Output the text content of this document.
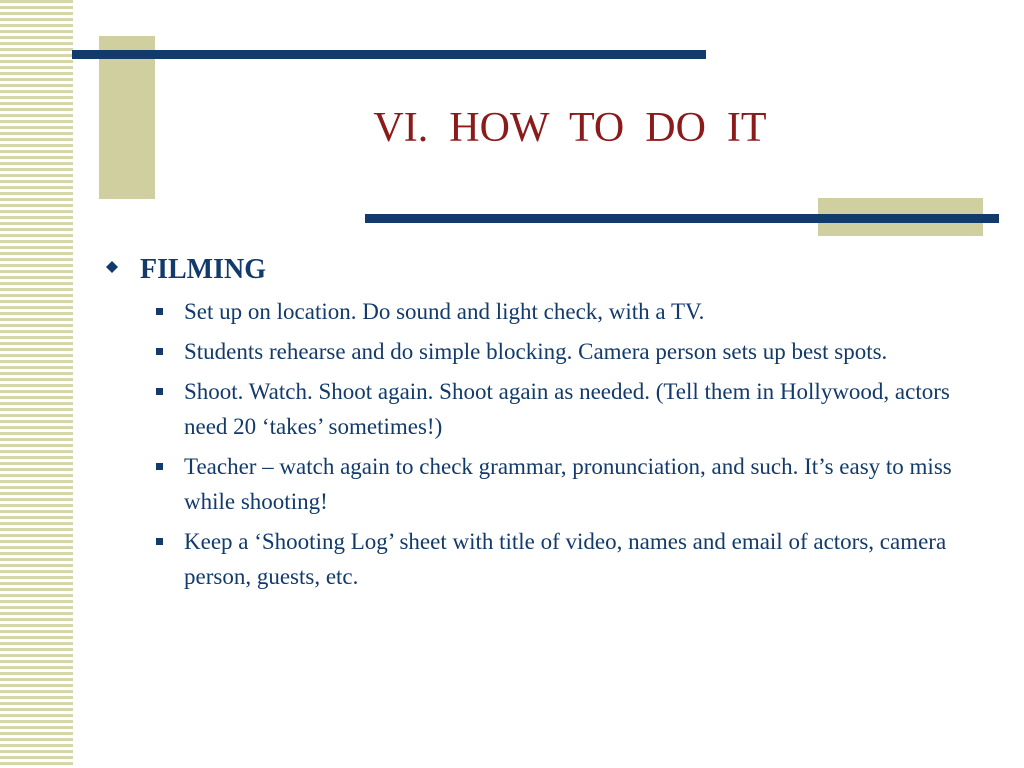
VI.  HOW  TO  DO  IT
FILMING
Set up on location. Do sound and light check, with a TV.
Students rehearse and do simple blocking. Camera person sets up best spots.
Shoot. Watch. Shoot again. Shoot again as needed. (Tell them in Hollywood, actors need 20 ‘takes’ sometimes!)
Teacher – watch again to check grammar, pronunciation, and such. It’s easy to miss while shooting!
Keep a ‘Shooting Log’ sheet with title of video, names and email of actors, camera person, guests, etc.
